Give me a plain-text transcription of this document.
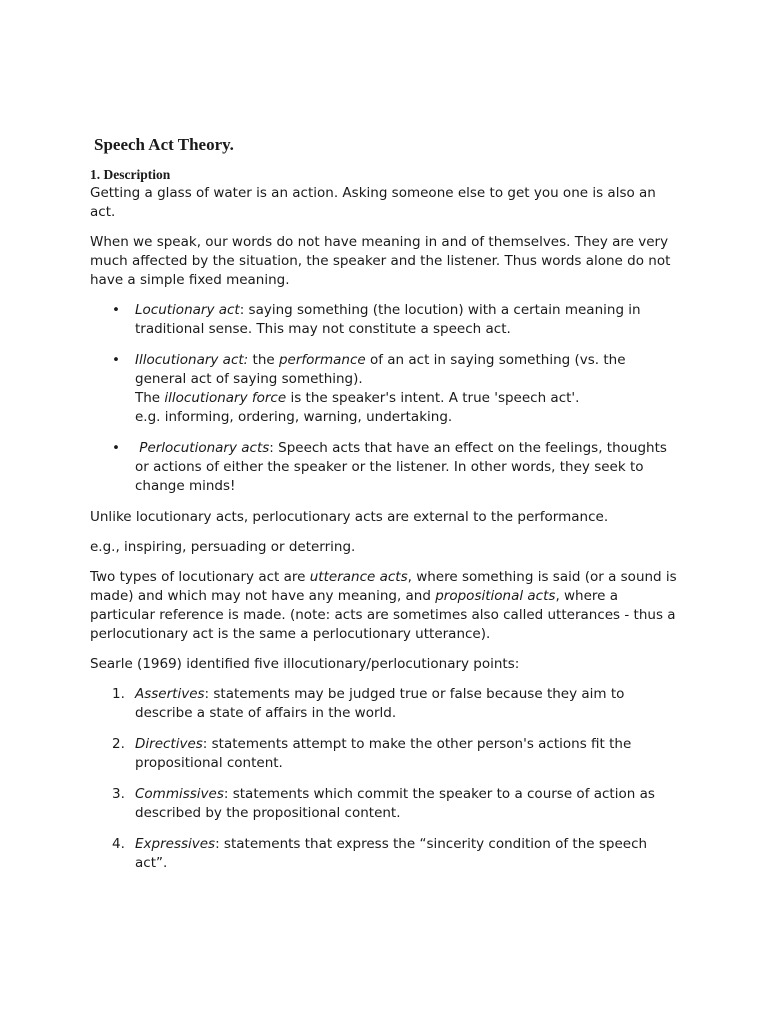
Speech Act Theory.
1. Description

Getting a glass of water is an action. Asking someone else to get you one is also an act.

When we speak, our words do not have meaning in and of themselves. They are very much affected by the situation, the speaker and the listener. Thus words alone do not have a simple fixed meaning.

• Locutionary act: saying something (the locution) with a certain meaning in traditional sense. This may not constitute a speech act.
• Illocutionary act: the performance of an act in saying something (vs. the general act of saying something).
The illocutionary force is the speaker's intent. A true 'speech act'.
e.g. informing, ordering, warning, undertaking.
• Perlocutionary acts: Speech acts that have an effect on the feelings, thoughts or actions of either the speaker or the listener. In other words, they seek to change minds!

Unlike locutionary acts, perlocutionary acts are external to the performance.

e.g., inspiring, persuading or deterring.

Two types of locutionary act are utterance acts, where something is said (or a sound is made) and which may not have any meaning, and propositional acts, where a particular reference is made. (note: acts are sometimes also called utterances - thus a perlocutionary act is the same a perlocutionary utterance).

Searle (1969) identified five illocutionary/perlocutionary points:

1. Assertives: statements may be judged true or false because they aim to describe a state of affairs in the world.
2. Directives: statements attempt to make the other person's actions fit the propositional content.
3. Commissives: statements which commit the speaker to a course of action as described by the propositional content.
4. Expressives: statements that express the “sincerity condition of the speech act”.
